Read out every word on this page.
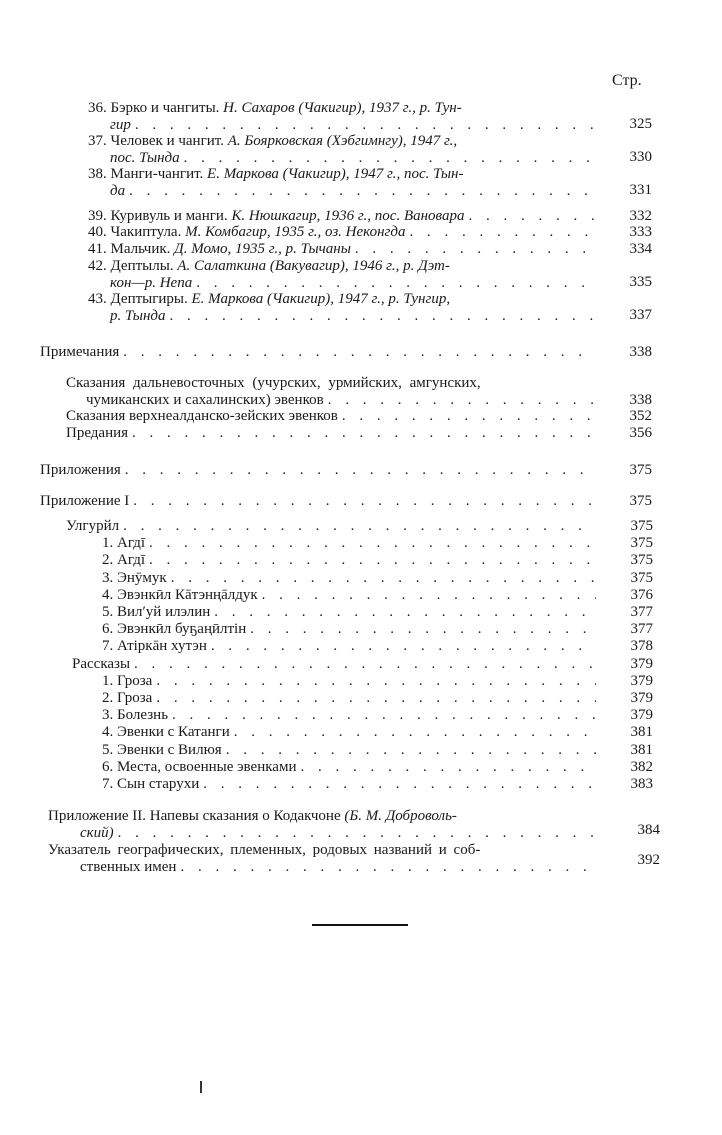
Стр.
36.
Бэрко и чангиты.
Н. Сахаров (Чакигир), 1937 г., р. Тун-
гир . . .	325
37.
Человек и чангит.
А. Боярковская (Хэбгимнгу), 1947 г.,
пос. Тында . . .	330
38.
Манги-чангит.
Е. Маркова (Чакигир), 1947 г., пос. Тын-
да . . .	331
39.
Куривуль и манги.
К. Нюшкагир, 1936 г., пос. Вановара . . .	332
40.
Чакиптула.
М. Комбагир, 1935 г., оз. Неконгда . . .	333
41.
Мальчик.
Д. Момо, 1935 г., р. Тычаны . . .	334
42.
Дептылы.
А. Салаткина (Вакувагир), 1946 г., р. Дэт-
кон—р. Непа . . .	335
43.
Дептыгиры.
Е. Маркова (Чакигир), 1947 г., р. Тунгир,
р. Тында . . .	337
Примечания . . .	338
Сказания дальневосточных (учурских, урмийских, амгунских,
чумиканских и сахалинских) эвенков . . .	338
Сказания верхнеалданско-зейских эвенков . . .	352
Предания . . .	356
Приложения . . .	375
Приложение I . . .	375
Улгурйл . . .	375
1. Агдī . . .	375
2. Агдī . . .	375
3. Энӯмук . . .	375
4. Эвэнкӣл Кāтэнңāлдук . . .	376
5. Вил′уй илэлин . . .	377
6. Эвэнкӣл буҕаңӣлтін . . .	377
7. Атіркāн хутэн . . .	378
Рассказы . . .	379
1. Гроза . . .	379
2. Гроза . . .	379
3. Болезнь . . .	379
4. Эвенки с Катанги . . .	381
5. Эвенки с Вилюя . . .	381
6. Места, освоенные эвенками . . .	382
7. Сын старухи . . .	383
Приложение II. Напевы сказания о Кодакчоне (Б. М. Доброволь-
ский) . . .	384
Указатель географических, племенных, родовых названий и соб-
ственных имен . . .	392
